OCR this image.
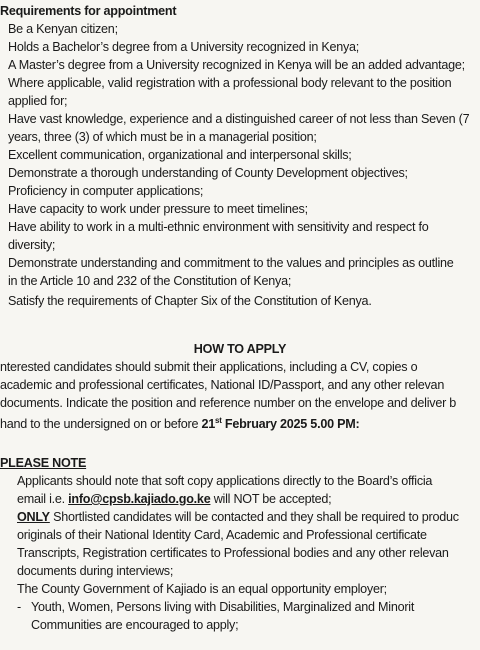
Requirements for appointment
Be a Kenyan citizen;
Holds a Bachelor’s degree from a University recognized in Kenya;
A Master’s degree from a University recognized in Kenya will be an added advantage;
Where applicable, valid registration with a professional body relevant to the position
applied for;
Have vast knowledge, experience and a distinguished career of not less than Seven (7
years, three (3) of which must be in a managerial position;
Excellent communication, organizational and interpersonal skills;
Demonstrate a thorough understanding of County Development objectives;
Proficiency in computer applications;
Have capacity to work under pressure to meet timelines;
Have ability to work in a multi-ethnic environment with sensitivity and respect fo
diversity;
Demonstrate understanding and commitment to the values and principles as outline
in the Article 10 and 232 of the Constitution of Kenya;
Satisfy the requirements of Chapter Six of the Constitution of Kenya.
HOW TO APPLY
nterested candidates should submit their applications, including a CV, copies o
academic and professional certificates, National ID/Passport, and any other relevan
documents. Indicate the position and reference number on the envelope and deliver b
hand to the undersigned on or before 21st February 2025 5.00 PM:
PLEASE NOTE
Applicants should note that soft copy applications directly to the Board’s officia
email i.e. info@cpsb.kajiado.go.ke will NOT be accepted;
ONLY Shortlisted candidates will be contacted and they shall be required to produc
originals of their National Identity Card, Academic and Professional certificate
Transcripts, Registration certificates to Professional bodies and any other relevan
documents during interviews;
The County Government of Kajiado is an equal opportunity employer;
- Youth, Women, Persons living with Disabilities, Marginalized and Minorit
Communities are encouraged to apply;
